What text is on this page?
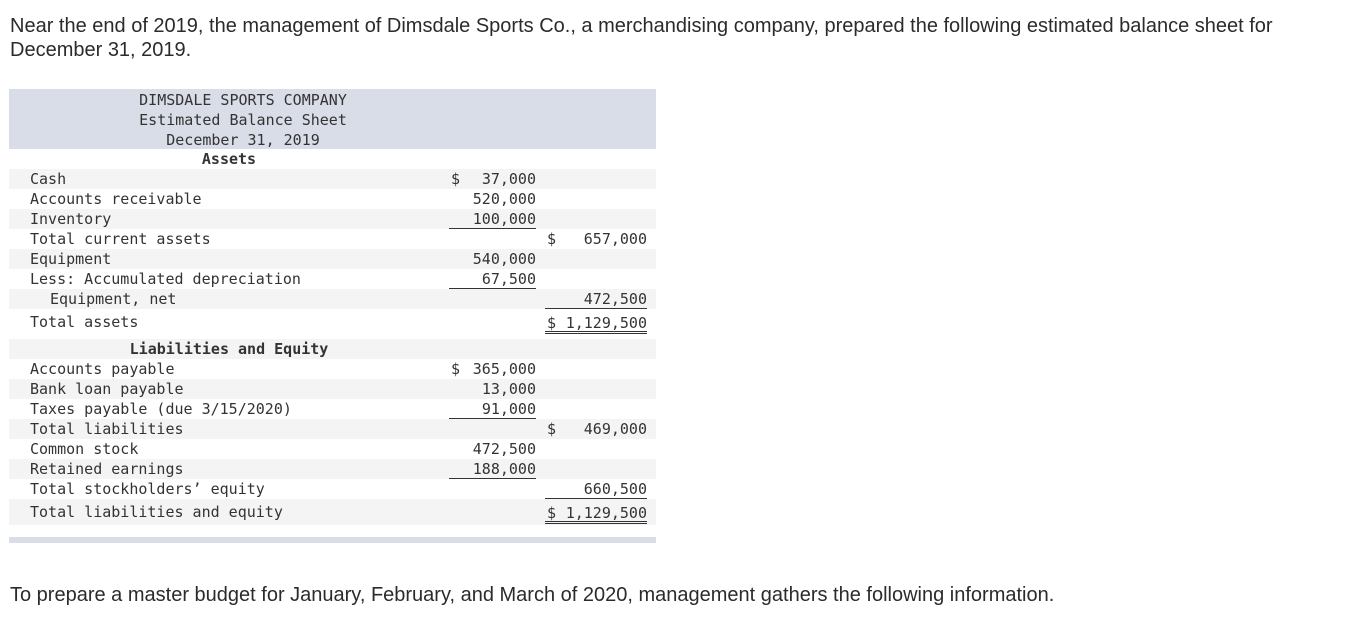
Near the end of 2019, the management of Dimsdale Sports Co., a merchandising company, prepared the following estimated balance sheet for December 31, 2019.
DIMSDALE SPORTS COMPANY
Estimated Balance Sheet
December 31, 2019
Assets
Cash	$ 37,000
Accounts receivable	520,000
Inventory	100,000
Total current assets	$ 657,000
Equipment	540,000
Less: Accumulated depreciation	67,500
Equipment, net	472,500
Total assets	$ 1,129,500
Liabilities and Equity
Accounts payable	$ 365,000
Bank loan payable	13,000
Taxes payable (due 3/15/2020)	91,000
Total liabilities	$ 469,000
Common stock	472,500
Retained earnings	188,000
Total stockholders’ equity	660,500
Total liabilities and equity	$ 1,129,500
To prepare a master budget for January, February, and March of 2020, management gathers the following information.
